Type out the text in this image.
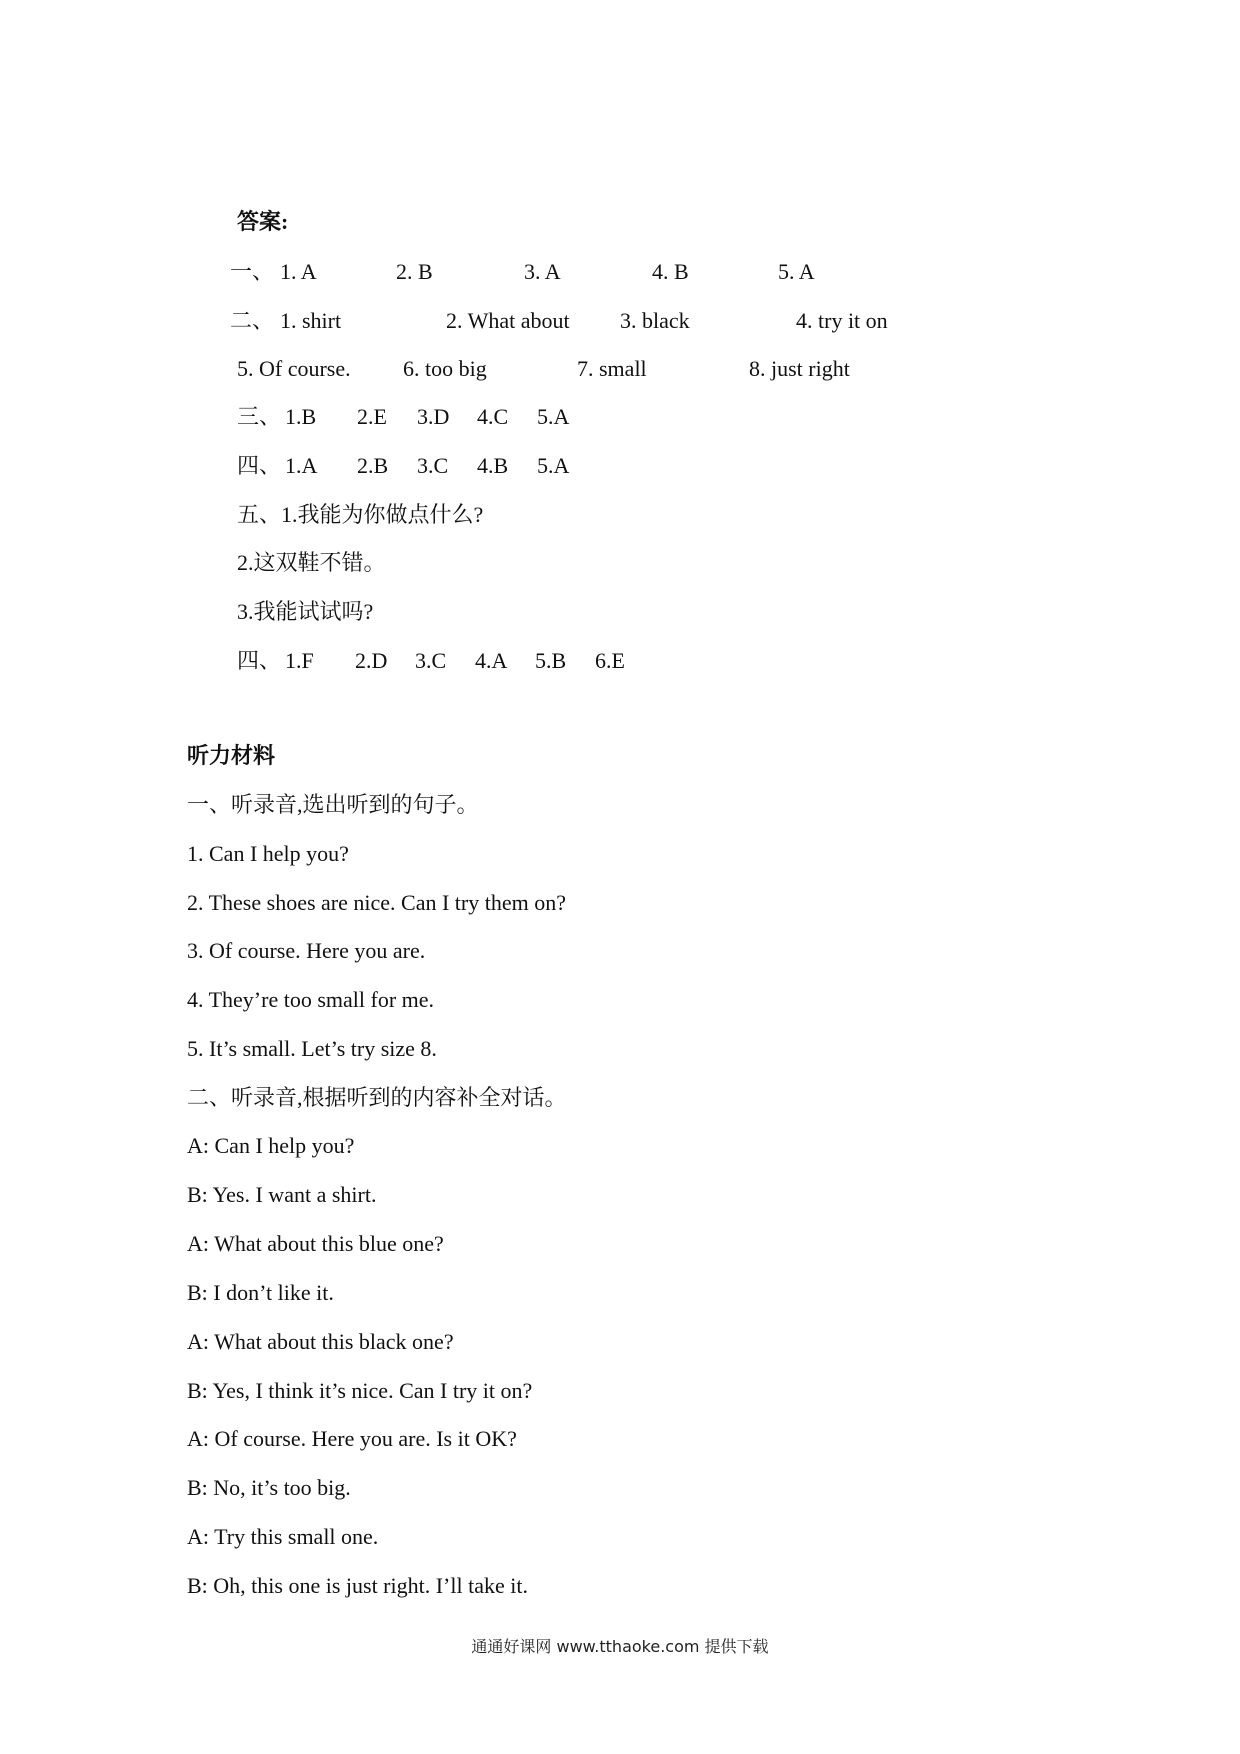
答案:
一、 1. A	2. B	3. A	4. B	5. A
二、 1. shirt	2. What about 3. black	4. try it on
5. Of course. 6. too big	7. small	8. just right
三、 1.B 2.E 3.D 4.C 5.A
四、 1.A 2.B 3.C 4.B 5.A
五、1.我能为你做点什么?
2.这双鞋不错。
3.我能试试吗?
四、 1.F 2.D 3.C 4.A 5.B 6.E
听力材料
一、听录音,选出听到的句子。
1. Can I help you?
2. These shoes are nice. Can I try them on?
3. Of course. Here you are.
4. They’re too small for me.
5. It’s small. Let’s try size 8.
二、听录音,根据听到的内容补全对话。
A: Can I help you?
B: Yes. I want a shirt.
A: What about this blue one?
B: I don’t like it.
A: What about this black one?
B: Yes, I think it’s nice. Can I try it on?
A: Of course. Here you are. Is it OK?
B: No, it’s too big.
A: Try this small one.
B: Oh, this one is just right. I’ll take it.
通通好课网 www.tthaoke.com 提供下载
